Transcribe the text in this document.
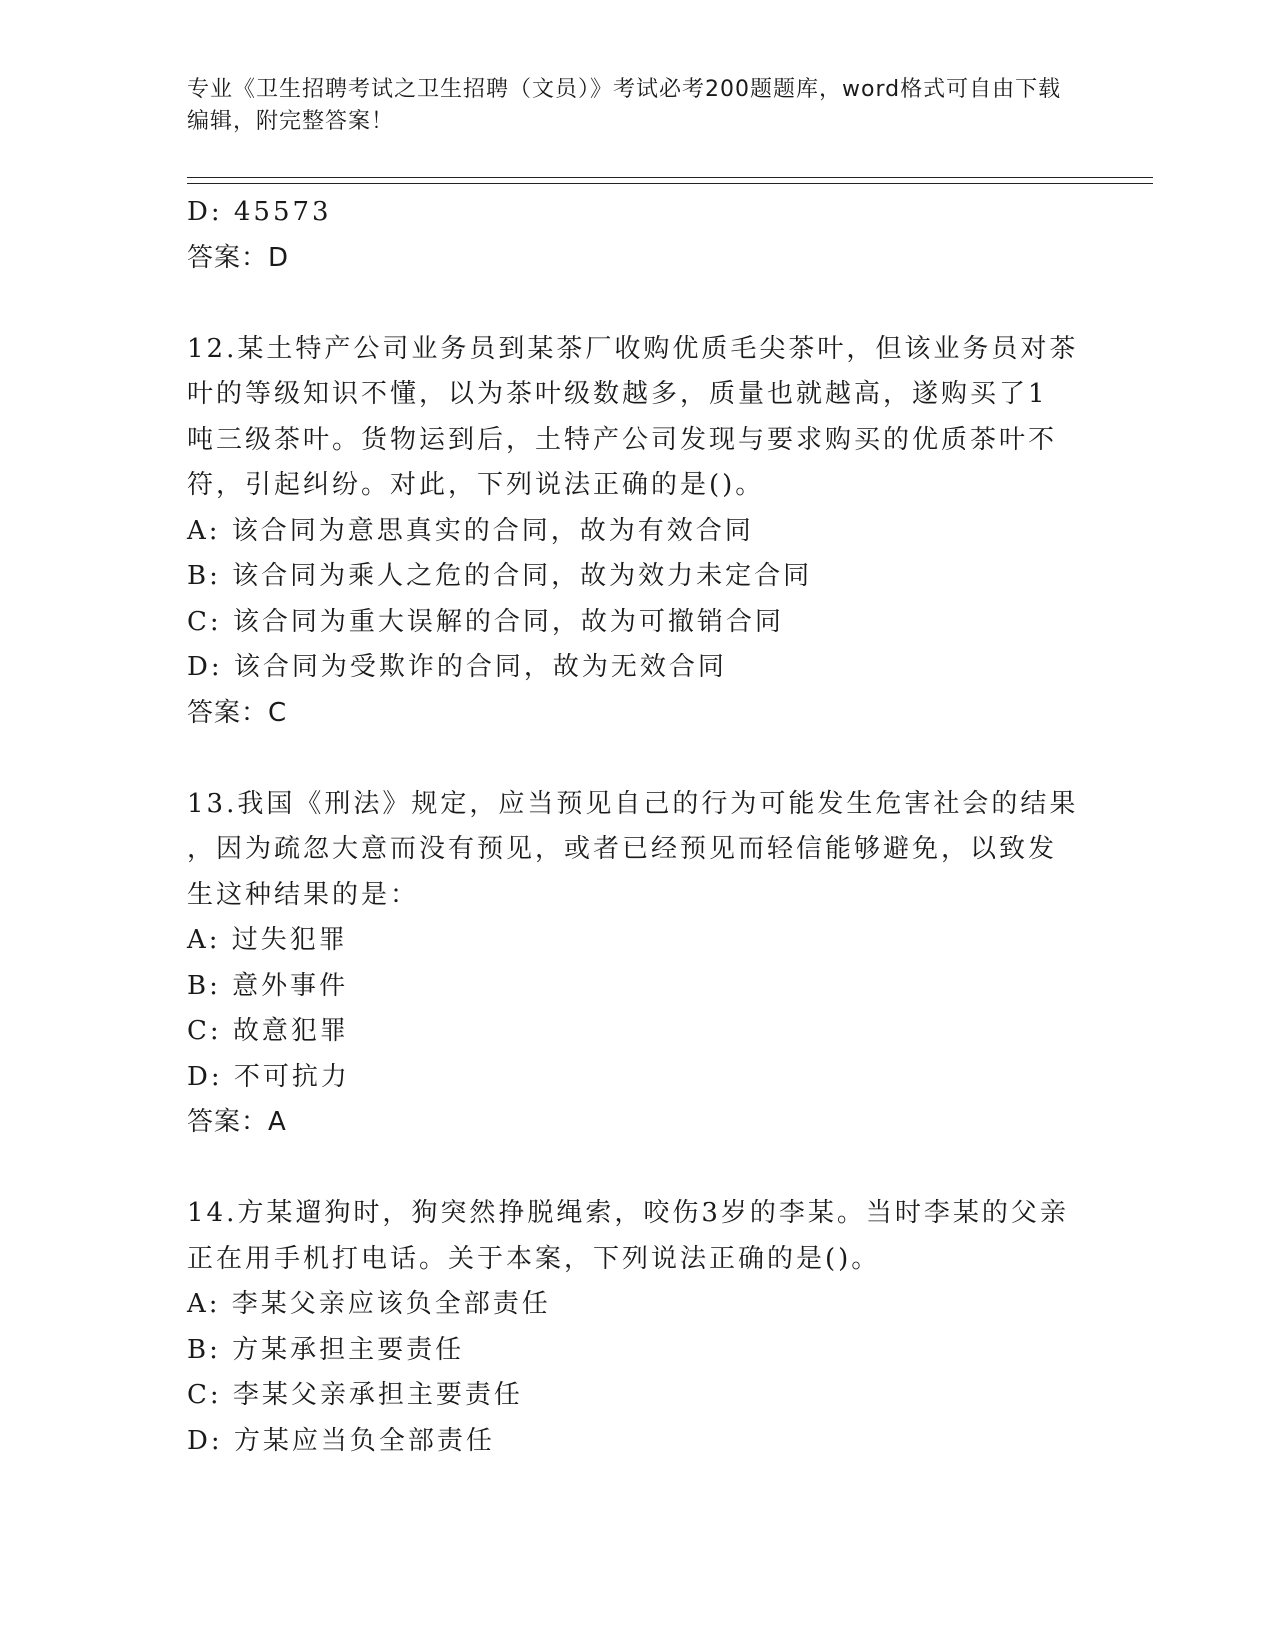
专业《卫生招聘考试之卫生招聘（文员）》考试必考200题题库，word格式可自由下载编辑，附完整答案！
D: 45573
答案：D
12.某土特产公司业务员到某茶厂收购优质毛尖茶叶，但该业务员对茶
叶的等级知识不懂，以为茶叶级数越多，质量也就越高，遂购买了1
吨三级茶叶。货物运到后，土特产公司发现与要求购买的优质茶叶不
符，引起纠纷。对此，下列说法正确的是()。
A: 该合同为意思真实的合同，故为有效合同
B: 该合同为乘人之危的合同，故为效力未定合同
C: 该合同为重大误解的合同，故为可撤销合同
D: 该合同为受欺诈的合同，故为无效合同
答案：C
13.我国《刑法》规定，应当预见自己的行为可能发生危害社会的结果
，因为疏忽大意而没有预见，或者已经预见而轻信能够避免，以致发
生这种结果的是：
A: 过失犯罪
B: 意外事件
C: 故意犯罪
D: 不可抗力
答案：A
14.方某遛狗时，狗突然挣脱绳索，咬伤3岁的李某。当时李某的父亲
正在用手机打电话。关于本案，下列说法正确的是()。
A: 李某父亲应该负全部责任
B: 方某承担主要责任
C: 李某父亲承担主要责任
D: 方某应当负全部责任
